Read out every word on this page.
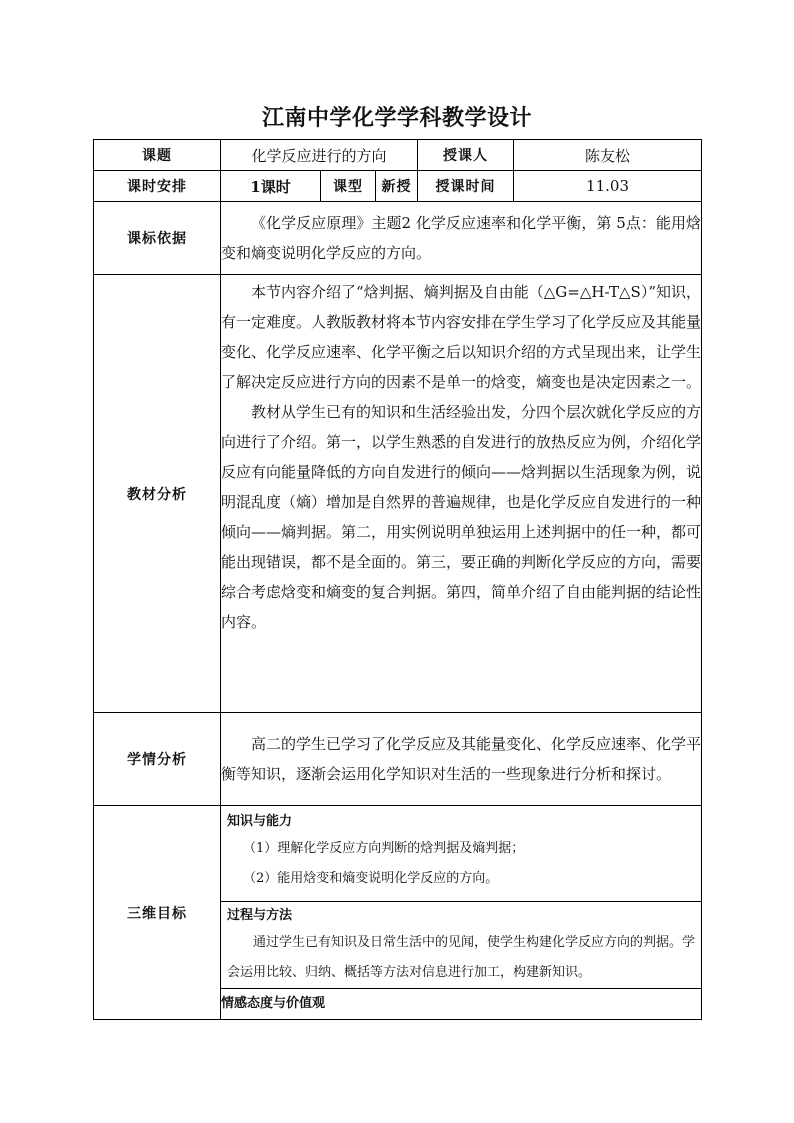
江南中学化学学科教学设计
课题	化学反应进行的方向			授课人	陈友松
课时安排	1课时	课型	新授	授课时间	11.03
课标依据	《化学反应原理》主题2 化学反应速率和化学平衡，第 5点：能用焓变和熵变说明化学反应的方向。				
教材分析	本节内容介绍了“焓判据、熵判据及自由能（△G=△H-T△S）”知识，有一定难度。人教版教材将本节内容安排在学生学习了化学反应及其能量变化、化学反应速率、化学平衡之后以知识介绍的方式呈现出来，让学生了解决定反应进行方向的因素不是单一的焓变，熵变也是决定因素之一。

教材从学生已有的知识和生活经验出发，分四个层次就化学反应的方向进行了介绍。第一，以学生熟悉的自发进行的放热反应为例，介绍化学反应有向能量降低的方向自发进行的倾向——焓判据以生活现象为例，说明混乱度（熵）增加是自然界的普遍规律，也是化学反应自发进行的一种倾向——熵判据。第二，用实例说明单独运用上述判据中的任一种，都可能出现错误，都不是全面的。第三，要正确的判断化学反应的方向，需要综合考虑焓变和熵变的复合判据。第四，简单介绍了自由能判据的结论性内容。				

学情分析	高二的学生已学习了化学反应及其能量变化、化学反应速率、化学平衡等知识，逐渐会运用化学知识对生活的一些现象进行分析和探讨。				
三维目标	知识与能力
（1）理解化学反应方向判断的焓判据及熵判据；
（2）能用焓变和熵变说明化学反应的方向。				

	过程与方法
通过学生已有知识及日常生活中的见闻，使学生构建化学反应方向的判据。学会运用比较、归纳、概括等方法对信息进行加工，构建新知识。				

	情感态度与价值观				
